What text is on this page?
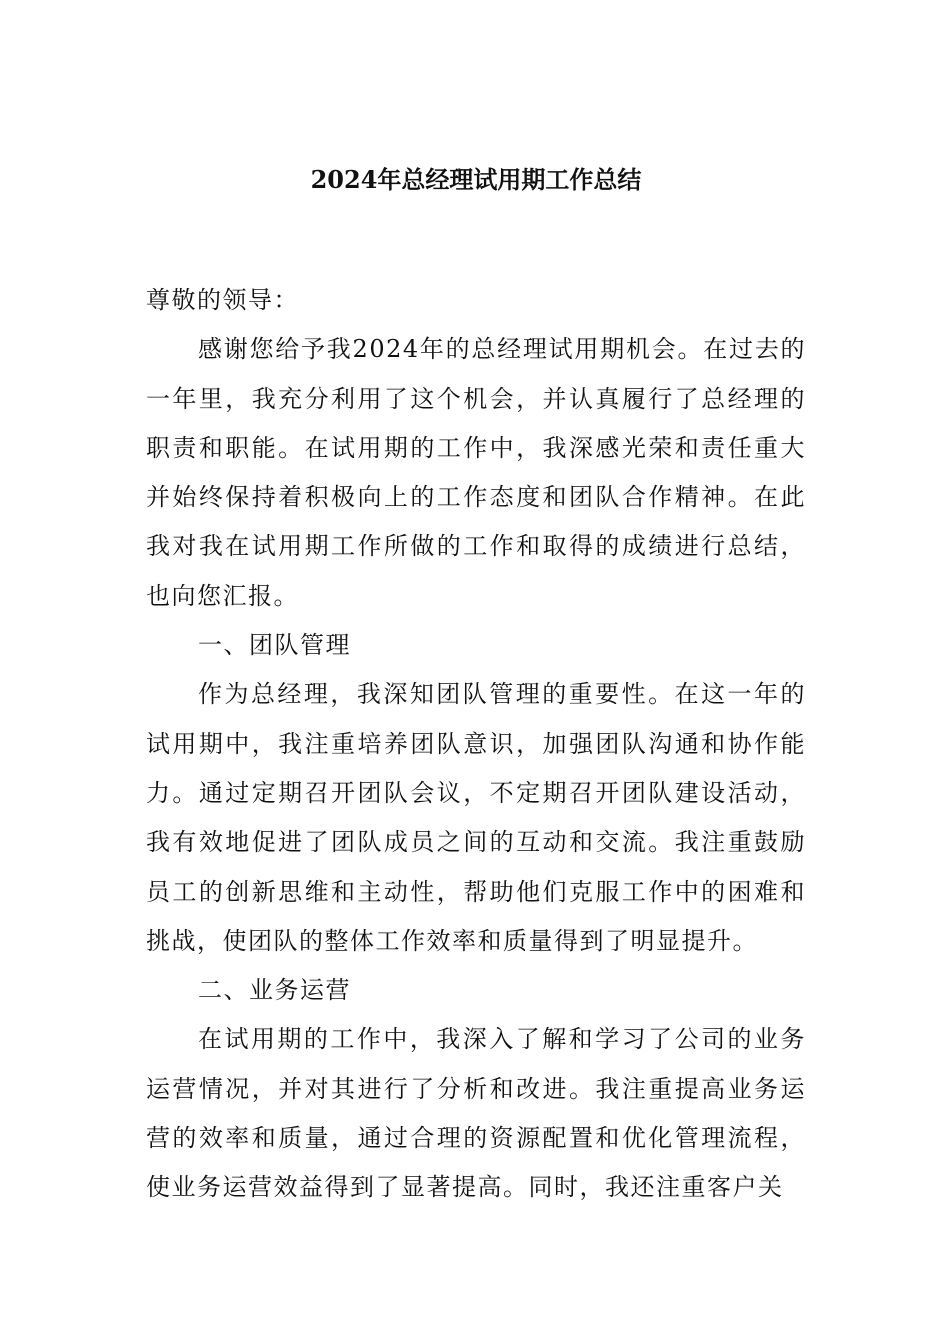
2024年总经理试用期工作总结

尊敬的领导：

感谢您给予我2024年的总经理试用期机会。在过去的一年里，我充分利用了这个机会，并认真履行了总经理的职责和职能。在试用期的工作中，我深感光荣和责任重大并始终保持着积极向上的工作态度和团队合作精神。在此我对我在试用期工作所做的工作和取得的成绩进行总结，也向您汇报。

一、团队管理

作为总经理，我深知团队管理的重要性。在这一年的试用期中，我注重培养团队意识，加强团队沟通和协作能力。通过定期召开团队会议，不定期召开团队建设活动，我有效地促进了团队成员之间的互动和交流。我注重鼓励员工的创新思维和主动性，帮助他们克服工作中的困难和挑战，使团队的整体工作效率和质量得到了明显提升。

二、业务运营

在试用期的工作中，我深入了解和学习了公司的业务运营情况，并对其进行了分析和改进。我注重提高业务运营的效率和质量，通过合理的资源配置和优化管理流程，使业务运营效益得到了显著提高。同时，我还注重客户关
